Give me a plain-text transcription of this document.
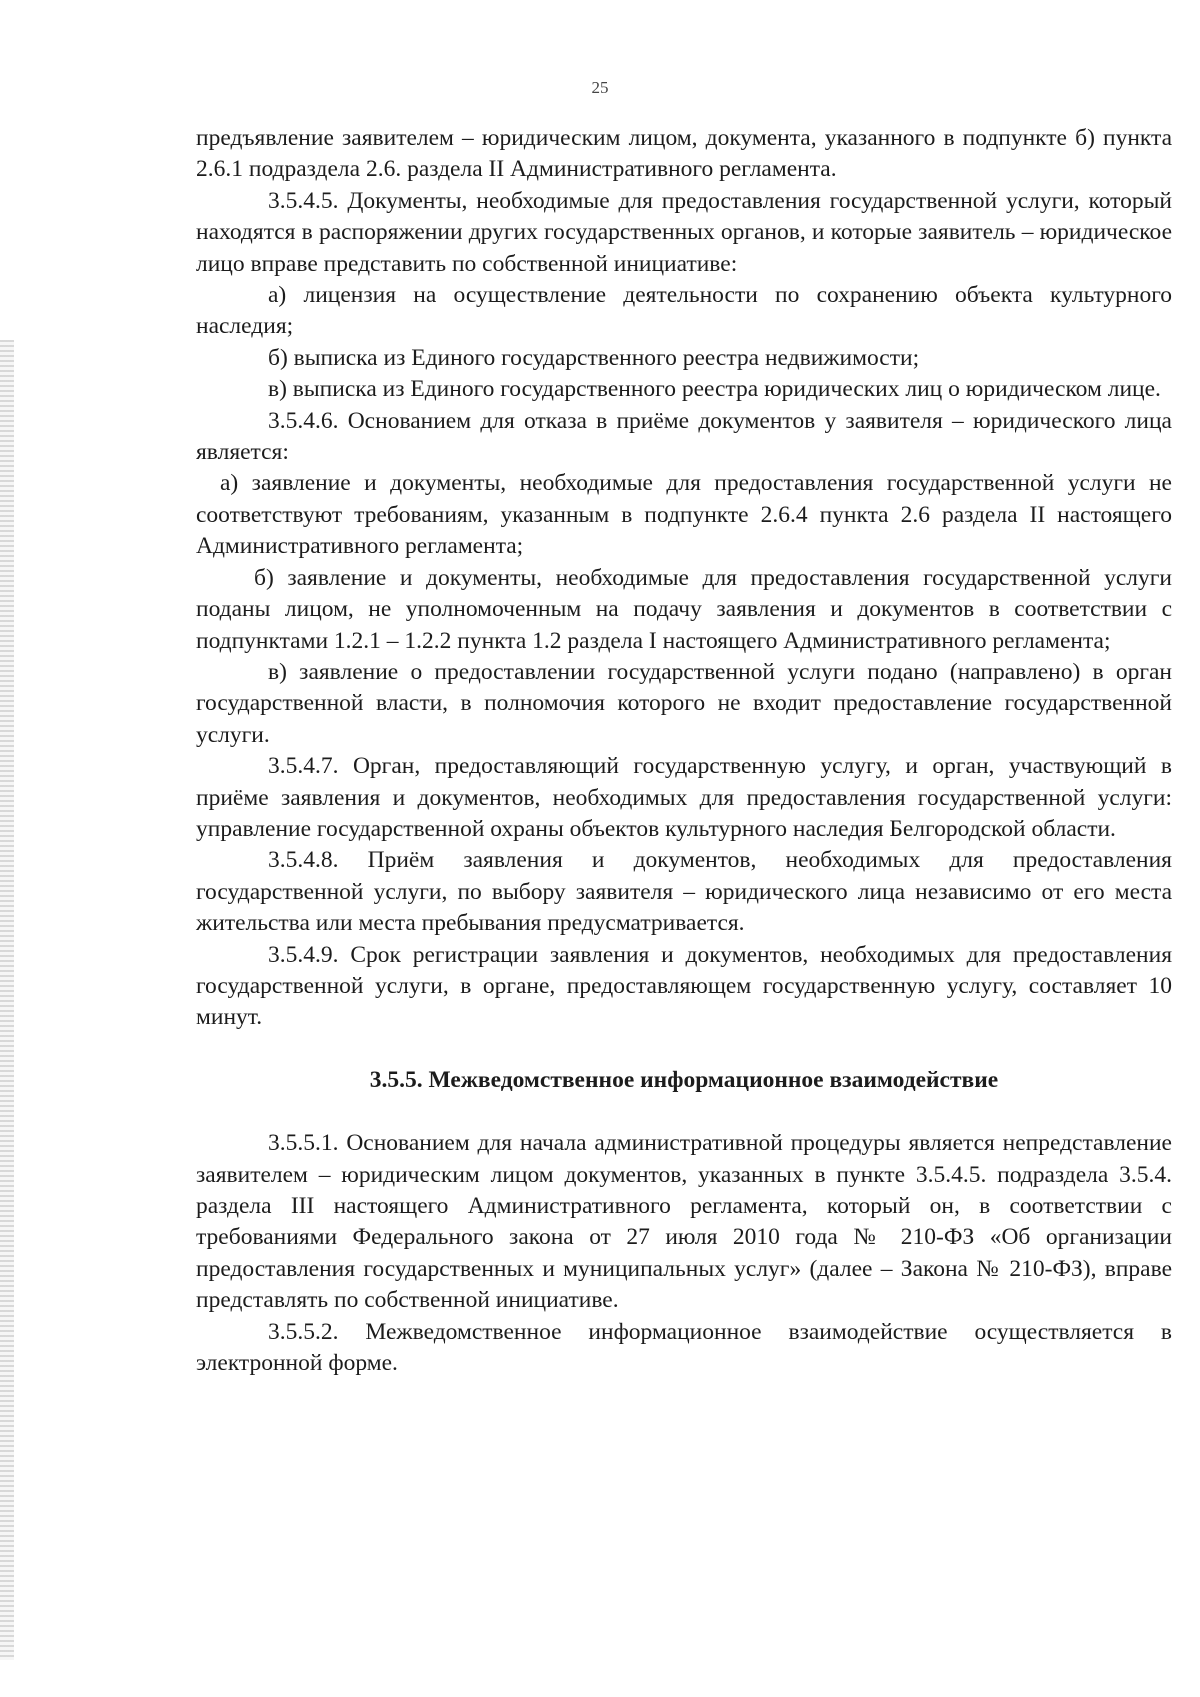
25

предъявление заявителем – юридическим лицом, документа, указанного в подпункте б) пункта 2.6.1 подраздела 2.6. раздела II Административного регламента.

3.5.4.5. Документы, необходимые для предоставления государственной услуги, который находятся в распоряжении других государственных органов, и которые заявитель – юридическое лицо вправе представить по собственной инициативе:

а) лицензия на осуществление деятельности по сохранению объекта культурного наследия;

б) выписка из Единого государственного реестра недвижимости;

в) выписка из Единого государственного реестра юридических лиц о юридическом лице.

3.5.4.6. Основанием для отказа в приёме документов у заявителя – юридического лица является:

а) заявление и документы, необходимые для предоставления государственной услуги не соответствуют требованиям, указанным в подпункте 2.6.4 пункта 2.6 раздела II настоящего Административного регламента;

б) заявление и документы, необходимые для предоставления государственной услуги поданы лицом, не уполномоченным на подачу заявления и документов в соответствии с подпунктами 1.2.1 – 1.2.2 пункта 1.2 раздела I настоящего Административного регламента;

в) заявление о предоставлении государственной услуги подано (направлено) в орган государственной власти, в полномочия которого не входит предоставление государственной услуги.

3.5.4.7. Орган, предоставляющий государственную услугу, и орган, участвующий в приёме заявления и документов, необходимых для предоставления государственной услуги: управление государственной охраны объектов культурного наследия Белгородской области.

3.5.4.8. Приём заявления и документов, необходимых для предоставления государственной услуги, по выбору заявителя – юридического лица независимо от его места жительства или места пребывания предусматривается.

3.5.4.9. Срок регистрации заявления и документов, необходимых для предоставления государственной услуги, в органе, предоставляющем государственную услугу, составляет 10 минут.

3.5.5. Межведомственное информационное взаимодействие

3.5.5.1. Основанием для начала административной процедуры является непредставление заявителем – юридическим лицом документов, указанных в пункте 3.5.4.5. подраздела 3.5.4. раздела III настоящего Административного регламента, который он, в соответствии с требованиями Федерального закона от 27 июля 2010 года № 210-ФЗ «Об организации предоставления государственных и муниципальных услуг» (далее – Закона № 210-ФЗ), вправе представлять по собственной инициативе.

3.5.5.2. Межведомственное информационное взаимодействие осуществляется в электронной форме.
